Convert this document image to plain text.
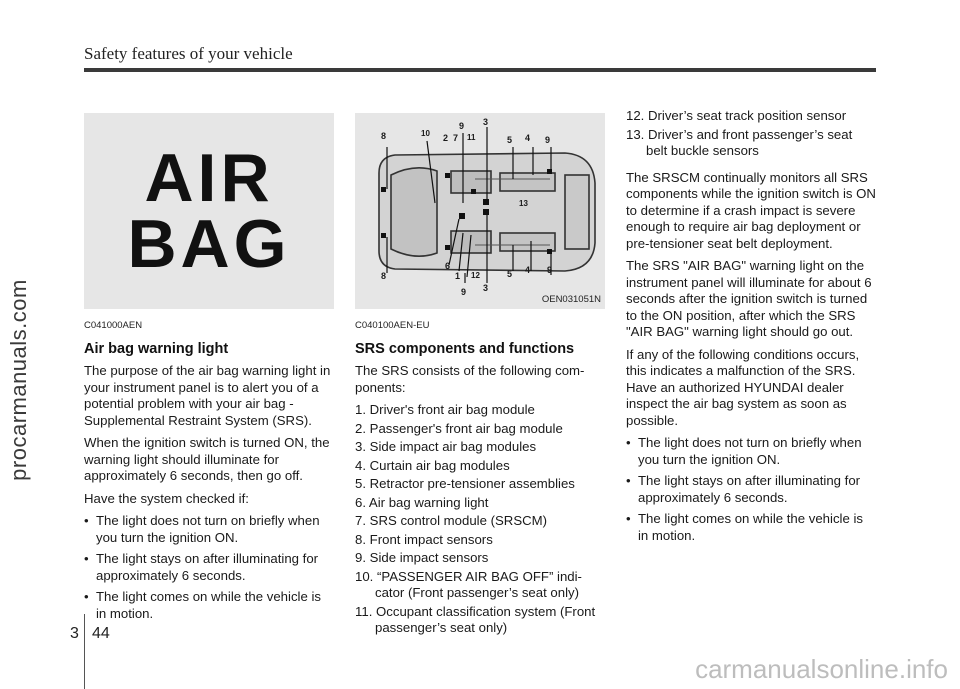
Safety features of your vehicle
procarmanuals.com
carmanualsonline.info
AIR
BAG

C041000AEN

Air bag warning light

The purpose of the air bag warning light in your instrument panel is to alert you of a potential problem with your air bag - Supplemental Restraint System (SRS).

When the ignition switch is turned ON, the warning light should illuminate for approximately 6 seconds, then go off.

Have the system checked if:

•  The light does not turn on briefly when you turn the ignition ON.

•  The light stays on after illuminating for approximately 6 seconds.

•  The light comes on while the vehicle is in motion.

8	10
9
2 7 11
3
5 4 9
13
8
6
1 12
9 3
5 4 9
OEN031051N

C040100AEN-EU

SRS components and functions

The SRS consists of the following com-ponents:

1. Driver's front air bag module

2. Passenger's front air bag module

3. Side impact air bag modules

4. Curtain air bag modules

5. Retractor pre-tensioner assemblies

6. Air bag warning light

7. SRS control module (SRSCM)

8. Front impact sensors

9. Side impact sensors

10. “PASSENGER AIR BAG OFF” indi-cator (Front passenger’s seat only)

11. Occupant classification system (Front passenger’s seat only)

12. Driver’s seat track position sensor

13. Driver’s and front passenger’s seat belt buckle sensors

The SRSCM continually monitors all SRS components while the ignition switch is ON to determine if a crash impact is severe enough to require air bag deployment or pre-tensioner seat belt deployment.

The SRS "AIR BAG" warning light on the instrument panel will illuminate for about 6 seconds after the ignition switch is turned to the ON position, after which the SRS "AIR BAG" warning light should go out.

If any of the following conditions occurs, this indicates a malfunction of the SRS. Have an authorized HYUNDAI dealer inspect the air bag system as soon as possible.

•  The light does not turn on briefly when you turn the ignition ON.

•  The light stays on after illuminating for approximately 6 seconds.

•  The light comes on while the vehicle is in motion.

3 44
